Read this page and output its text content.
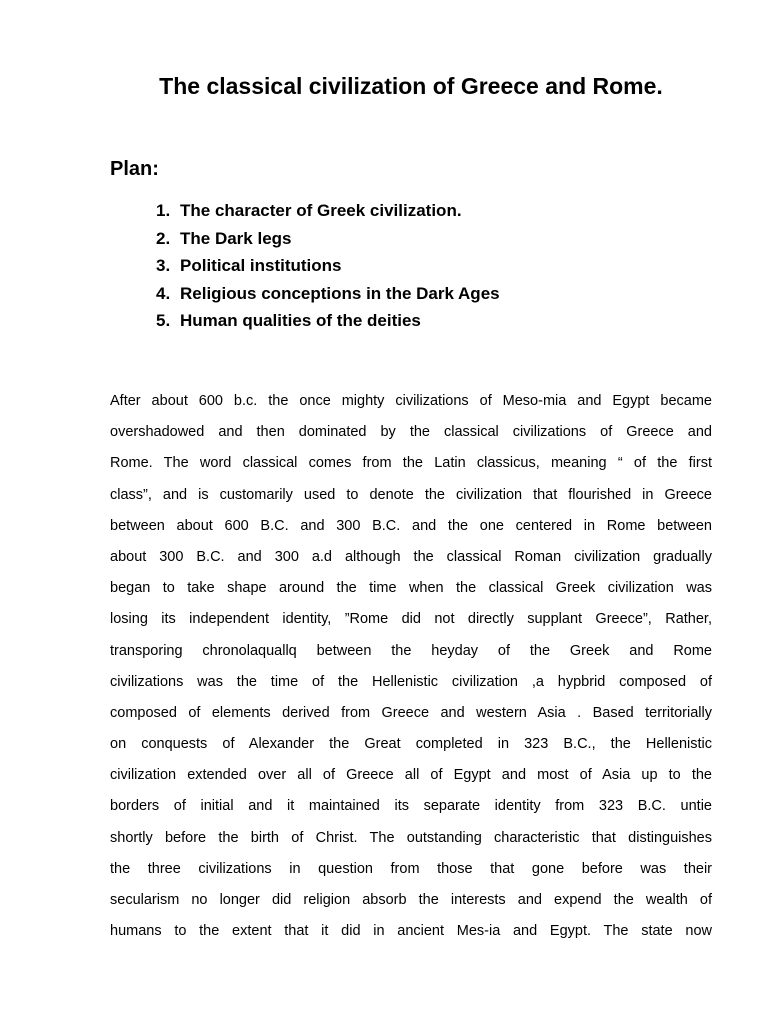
The classical civilization of Greece and Rome.
Plan:
1. The character of Greek civilization.
2. The Dark legs
3. Political institutions
4. Religious conceptions in the Dark Ages
5. Human qualities of the deities
After about 600 b.c. the once mighty civilizations of Meso-mia and Egypt became
overshadowed and then dominated by the classical civilizations of Greece and
Rome. The word classical comes from the Latin classicus, meaning “ of the first
class”, and is customarily used to denote the civilization that flourished in Greece
between about 600 B.C. and 300 B.C. and the one centered in Rome between
about 300 B.C. and 300 a.d although the classical Roman civilization gradually
began to take shape around the time when the classical Greek civilization was
losing its independent identity, ”Rome did not directly supplant Greece”, Rather,
transporing chronolaquallq between the heyday of the Greek and Rome
civilizations was the time of the Hellenistic civilization ,a hypbrid composed of
composed of elements derived from Greece and western Asia . Based territorially
on conquests of Alexander the Great completed in 323 B.C., the Hellenistic
civilization extended over all of Greece all of Egypt and most of Asia up to the
borders of initial and it maintained its separate identity from 323 B.C. untie
shortly before the birth of Christ. The outstanding characteristic that distinguishes
the three civilizations in question from those that gone before was their
secularism no longer did religion absorb the interests and expend the wealth of
humans to the extent that it did in ancient Mes-ia and Egypt. The state now
